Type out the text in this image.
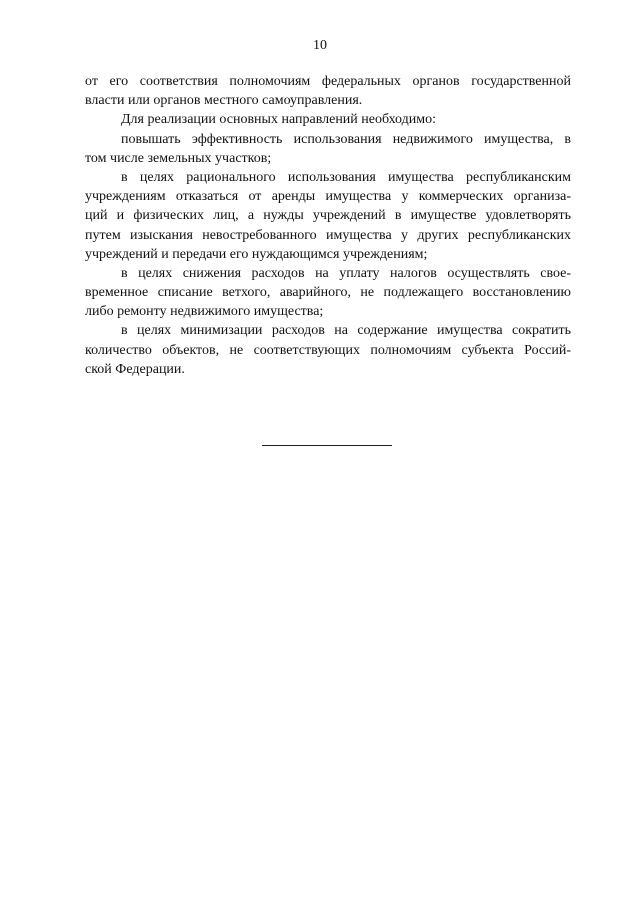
10
от его соответствия полномочиям федеральных органов государственной
власти или органов местного самоуправления.
Для реализации основных направлений необходимо:
повышать эффективность использования недвижимого имущества, в
том числе земельных участков;
в целях рационального использования имущества республиканским
учреждениям отказаться от аренды имущества у коммерческих организа-
ций и физических лиц, а нужды учреждений в имуществе удовлетворять
путем изыскания невостребованного имущества у других республиканских
учреждений и передачи его нуждающимся учреждениям;
в целях снижения расходов на уплату налогов осуществлять свое-
временное списание ветхого, аварийного, не подлежащего восстановлению
либо ремонту недвижимого имущества;
в целях минимизации расходов на содержание имущества сократить
количество объектов, не соответствующих полномочиям субъекта Россий-
ской Федерации.
